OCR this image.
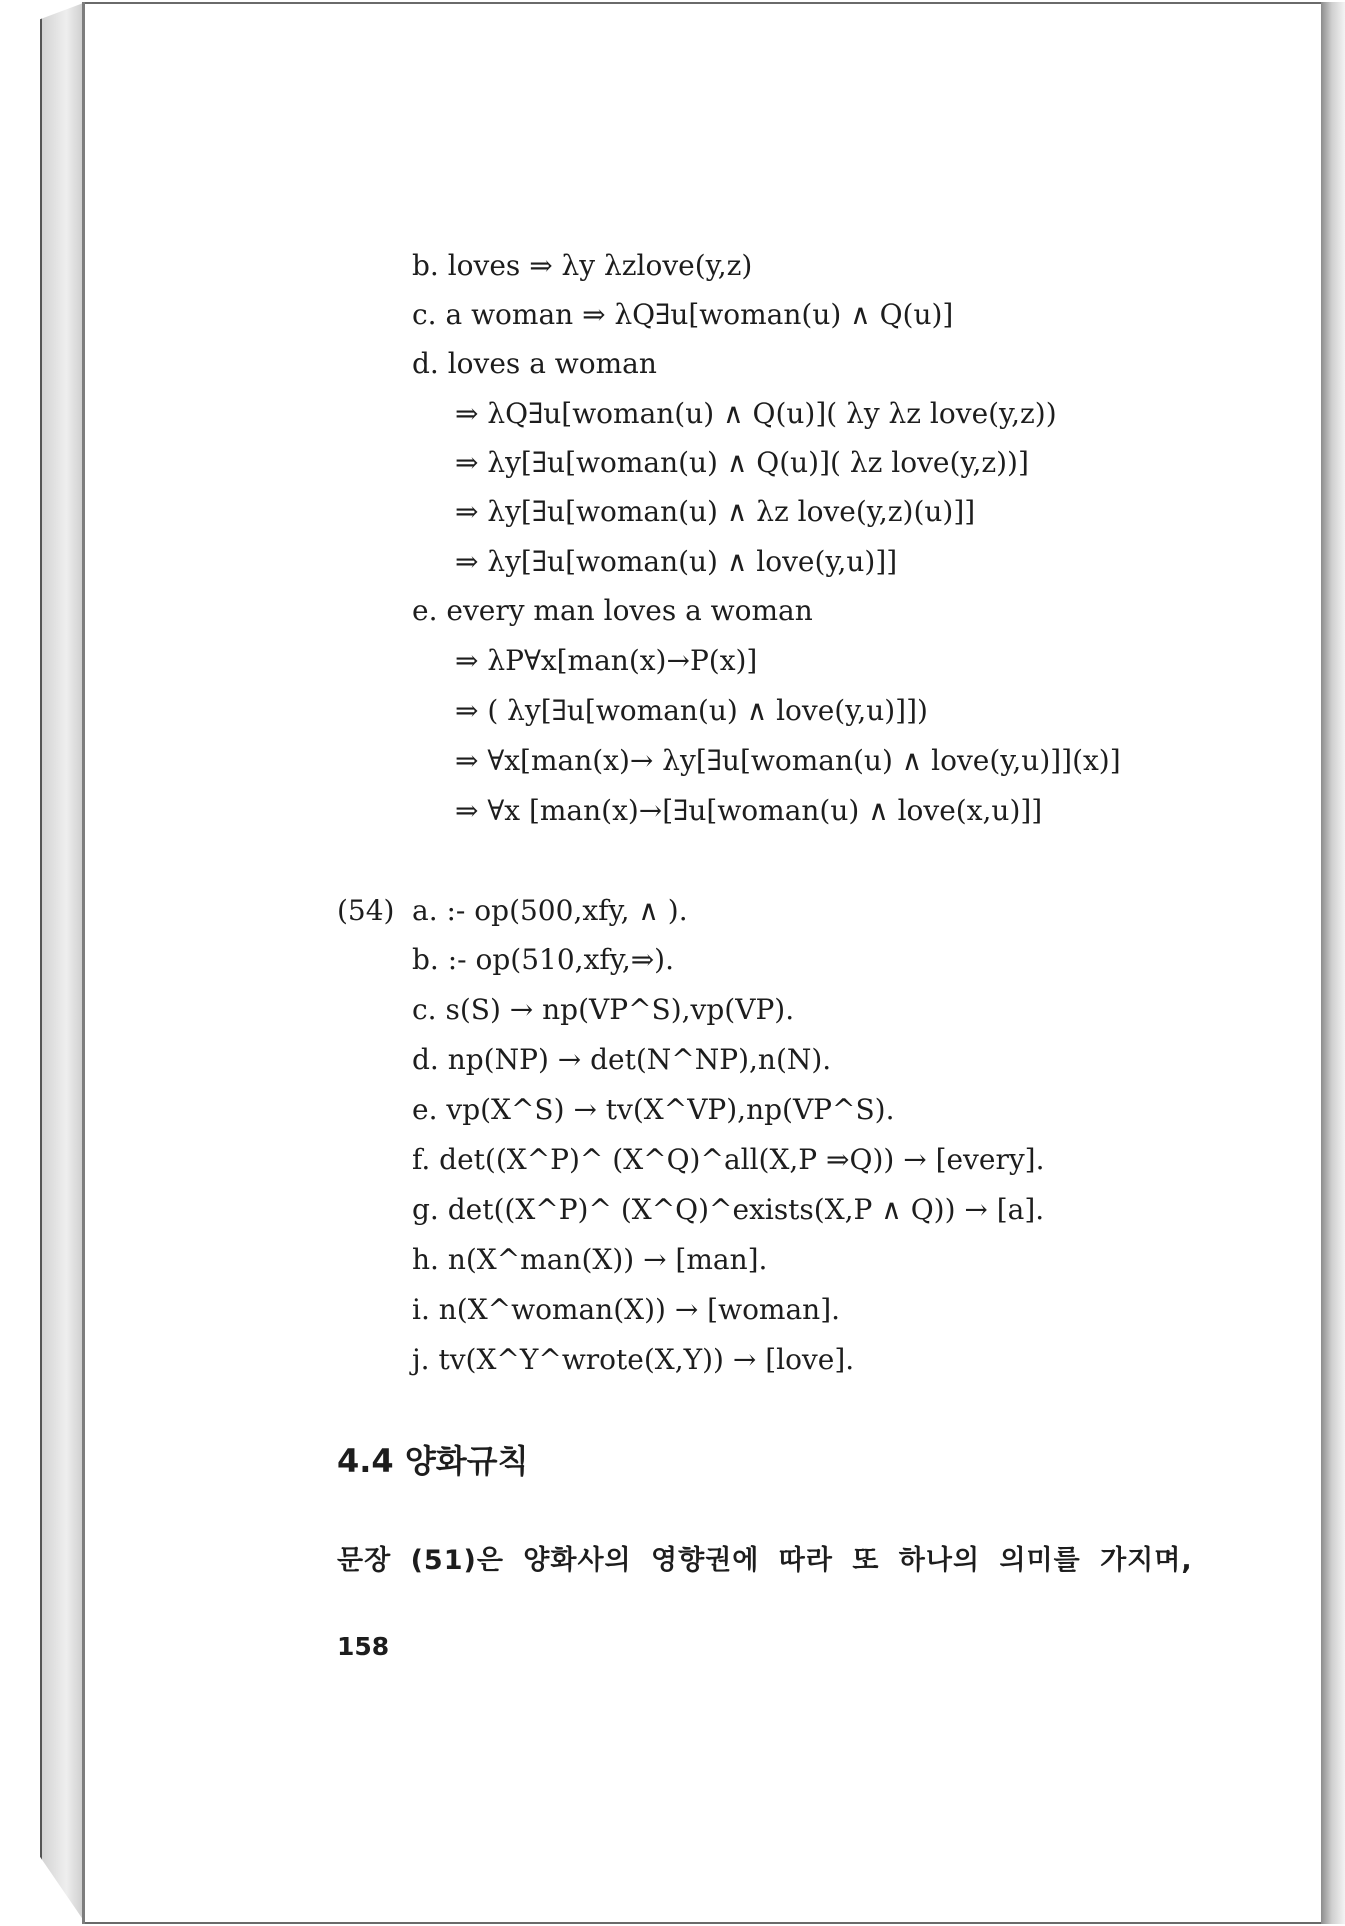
b. loves ⇒ λy λzlove(y,z)
c. a woman ⇒ λQ∃u[woman(u) ∧ Q(u)]
d. loves a woman
⇒ λQ∃u[woman(u) ∧ Q(u)]( λy λz love(y,z))
⇒ λy[∃u[woman(u) ∧ Q(u)]( λz love(y,z))]
⇒ λy[∃u[woman(u) ∧ λz love(y,z)(u)]]
⇒ λy[∃u[woman(u) ∧ love(y,u)]]
e. every man loves a woman
⇒ λP∀x[man(x)→P(x)]
⇒ ( λy[∃u[woman(u) ∧ love(y,u)]])
⇒ ∀x[man(x)→ λy[∃u[woman(u) ∧ love(y,u)]](x)]
⇒ ∀x [man(x)→[∃u[woman(u) ∧ love(x,u)]]
(54) a. :- op(500,xfy, ∧ ).
b. :- op(510,xfy,⇒).
c. s(S) → np(VP^S),vp(VP).
d. np(NP) → det(N^NP),n(N).
e. vp(X^S) → tv(X^VP),np(VP^S).
f. det((X^P)^ (X^Q)^all(X,P ⇒Q)) → [every].
g. det((X^P)^ (X^Q)^exists(X,P ∧ Q)) → [a].
h. n(X^man(X)) → [man].
i. n(X^woman(X)) → [woman].
j. tv(X^Y^wrote(X,Y)) → [love].
4.4 양화규칙
문장 (51)은 양화사의 영향권에 따라 또 하나의 의미를 가지며,
158
